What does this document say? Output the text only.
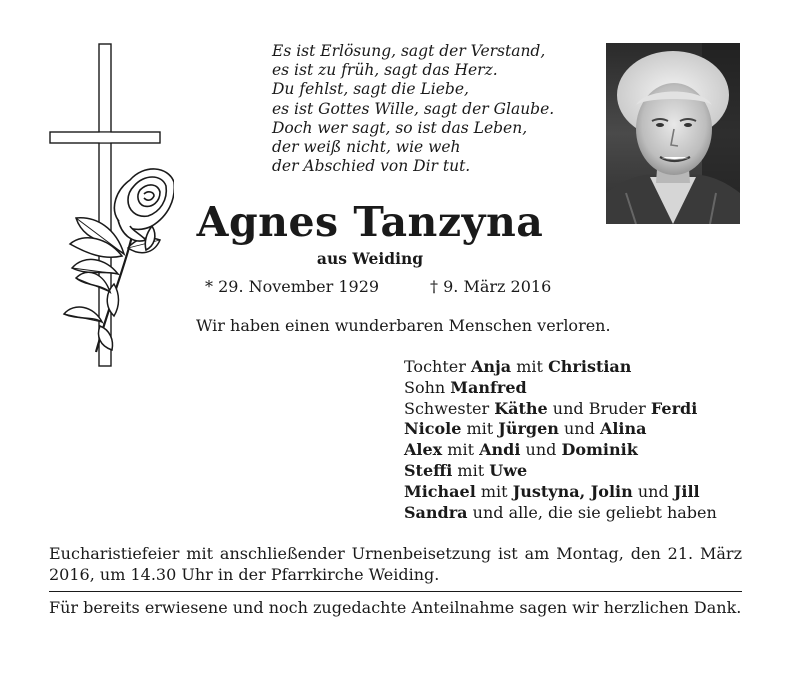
Es ist Erlösung, sagt der Verstand,
es ist zu früh, sagt das Herz.
Du fehlst, sagt die Liebe,
es ist Gottes Wille, sagt der Glaube.
Doch wer sagt, so ist das Leben,
der weiß nicht, wie weh
der Abschied von Dir tut.
Agnes Tanzyna
aus Weiding
* 29. November 1929	† 9. März 2016
Wir haben einen wunderbaren Menschen verloren.
Tochter Anja mit Christian
Sohn Manfred
Schwester Käthe und Bruder Ferdi
Nicole mit Jürgen und Alina
Alex mit Andi und Dominik
Steffi mit Uwe
Michael mit Justyna, Jolin und Jill
Sandra und alle, die sie geliebt haben
Eucharistiefeier mit anschließender Urnenbeisetzung ist am Montag, den 21. März 2016, um 14.30 Uhr in der Pfarrkirche Weiding.
Für bereits erwiesene und noch zugedachte Anteilnahme sagen wir herzlichen Dank.
